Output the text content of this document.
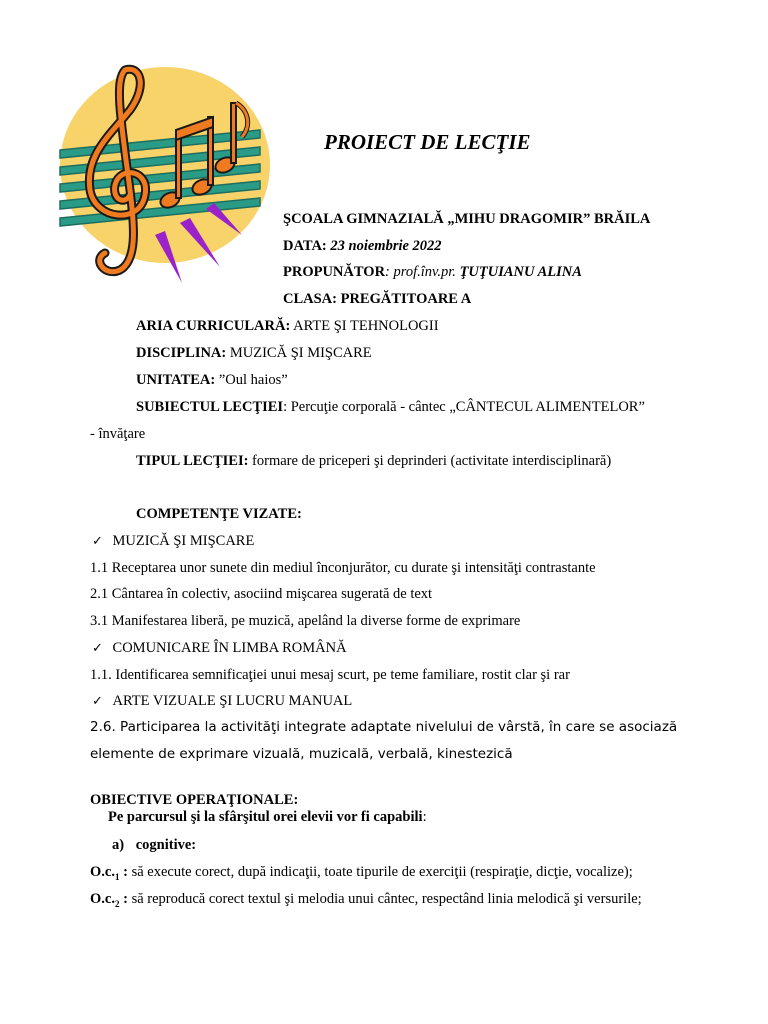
PROIECT DE LECŢIE
ŞCOALA GIMNAZIALĂ „MIHU DRAGOMIR” BRĂILA
DATA: 23 noiembrie 2022
PROPUNĂTOR: prof.înv.pr. ŢUŢUIANU ALINA
CLASA: PREGĂTITOARE A
ARIA CURRICULARĂ: ARTE ŞI TEHNOLOGII
DISCIPLINA: MUZICĂ ŞI MIŞCARE
UNITATEA: ”Oul haios”
SUBIECTUL LECŢIEI: Percuţie corporală - cântec „CÂNTECUL ALIMENTELOR”
- învăţare
TIPUL LECŢIEI: formare de priceperi şi deprinderi (activitate interdisciplinară)
COMPETENŢE VIZATE:
✓ MUZICĂ ŞI MIŞCARE
1.1 Receptarea unor sunete din mediul înconjurător, cu durate şi intensităţi contrastante
2.1 Cântarea în colectiv, asociind mişcarea sugerată de text
3.1 Manifestarea liberă, pe muzică, apelând la diverse forme de exprimare
✓ COMUNICARE ÎN LIMBA ROMÂNĂ
1.1. Identificarea semnificaţiei unui mesaj scurt, pe teme familiare, rostit clar şi rar
✓ ARTE VIZUALE ŞI LUCRU MANUAL
2.6. Participarea la activităţi integrate adaptate nivelului de vârstă, în care se asociază
elemente de exprimare vizuală, muzicală, verbală, kinestezică
OBIECTIVE OPERAŢIONALE:
Pe parcursul şi la sfârşitul orei elevii vor fi capabili:
a) cognitive:
$O.c._1$ : să execute corect, după indicaţii, toate tipurile de exerciţii (respiraţie, dicţie, vocalize);
$O.c._2$ : să reproducă corect textul şi melodia unui cântec, respectând linia melodică şi versurile;
